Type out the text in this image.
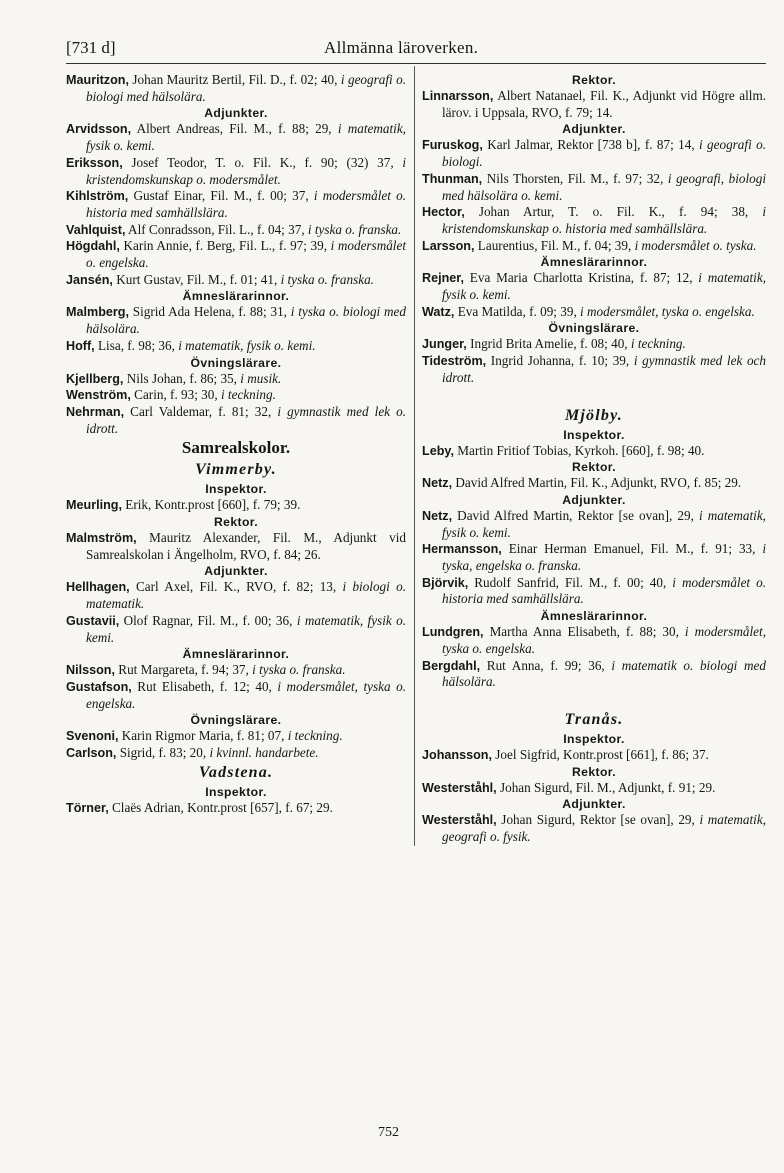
[731 d]	Allmänna läroverken.

Mauritzon, Johan Mauritz Bertil, Fil. D., f. 02; 40, i geografi o. biologi med hälsolära.

Adjunkter.

Arvidsson, Albert Andreas, Fil. M., f. 88; 29, i matematik, fysik o. kemi.

Eriksson, Josef Teodor, T. o. Fil. K., f. 90; (32) 37, i kristendomskunskap o. modersmålet.

Kihlström, Gustaf Einar, Fil. M., f. 00; 37, i modersmålet o. historia med samhällslära.

Vahlquist, Alf Conradsson, Fil. L., f. 04; 37, i tyska o. franska.

Högdahl, Karin Annie, f. Berg, Fil. L., f. 97; 39, i modersmålet o. engelska.

Jansén, Kurt Gustav, Fil. M., f. 01; 41, i tyska o. franska.

Ämneslärarinnor.

Malmberg, Sigrid Ada Helena, f. 88; 31, i tyska o. biologi med hälsolära.

Hoff, Lisa, f. 98; 36, i matematik, fysik o. kemi.

Övningslärare.

Kjellberg, Nils Johan, f. 86; 35, i musik.

Wenström, Carin, f. 93; 30, i teckning.

Nehrman, Carl Valdemar, f. 81; 32, i gymnastik med lek o. idrott.

Samrealskolor.
Vimmerby.
Inspektor.

Meurling, Erik, Kontr.prost [660], f. 79; 39.

Rektor.

Malmström, Mauritz Alexander, Fil. M., Adjunkt vid Samrealskolan i Ängelholm, RVO, f. 84; 26.

Adjunkter.

Hellhagen, Carl Axel, Fil. K., RVO, f. 82; 13, i biologi o. matematik.

Gustavii, Olof Ragnar, Fil. M., f. 00; 36, i matematik, fysik o. kemi.

Ämneslärarinnor.

Nilsson, Rut Margareta, f. 94; 37, i tyska o. franska.

Gustafson, Rut Elisabeth, f. 12; 40, i modersmålet, tyska o. engelska.

Övningslärare.

Svenoni, Karin Rigmor Maria, f. 81; 07, i teckning.

Carlson, Sigrid, f. 83; 20, i kvinnl. handarbete.

Vadstena.
Inspektor.

Törner, Claës Adrian, Kontr.prost [657], f. 67; 29.

Rektor.

Linnarsson, Albert Natanael, Fil. K., Adjunkt vid Högre allm. lärov. i Uppsala, RVO, f. 79; 14.

Adjunkter.

Furuskog, Karl Jalmar, Rektor [738 b], f. 87; 14, i geografi o. biologi.

Thunman, Nils Thorsten, Fil. M., f. 97; 32, i geografi, biologi med hälsolära o. kemi.

Hector, Johan Artur, T. o. Fil. K., f. 94; 38, i kristendomskunskap o. historia med samhällslära.

Larsson, Laurentius, Fil. M., f. 04; 39, i modersmålet o. tyska.

Ämneslärarinnor.

Rejner, Eva Maria Charlotta Kristina, f. 87; 12, i matematik, fysik o. kemi.

Watz, Eva Matilda, f. 09; 39, i modersmålet, tyska o. engelska.

Övningslärare.

Junger, Ingrid Brita Amelie, f. 08; 40, i teckning.

Tideström, Ingrid Johanna, f. 10; 39, i gymnastik med lek och idrott.

Mjölby.
Inspektor.

Leby, Martin Fritiof Tobias, Kyrkoh. [660], f. 98; 40.

Rektor.

Netz, David Alfred Martin, Fil. K., Adjunkt, RVO, f. 85; 29.

Adjunkter.

Netz, David Alfred Martin, Rektor [se ovan], 29, i matematik, fysik o. kemi.

Hermansson, Einar Herman Emanuel, Fil. M., f. 91; 33, i tyska, engelska o. franska.

Björvik, Rudolf Sanfrid, Fil. M., f. 00; 40, i modersmålet o. historia med samhällslära.

Ämneslärarinnor.

Lundgren, Martha Anna Elisabeth, f. 88; 30, i modersmålet, tyska o. engelska.

Bergdahl, Rut Anna, f. 99; 36, i matematik o. biologi med hälsolära.

Tranås.
Inspektor.

Johansson, Joel Sigfrid, Kontr.prost [661], f. 86; 37.

Rektor.

Westerståhl, Johan Sigurd, Fil. M., Adjunkt, f. 91; 29.

Adjunkter.

Westerståhl, Johan Sigurd, Rektor [se ovan], 29, i matematik, geografi o. fysik.

752
